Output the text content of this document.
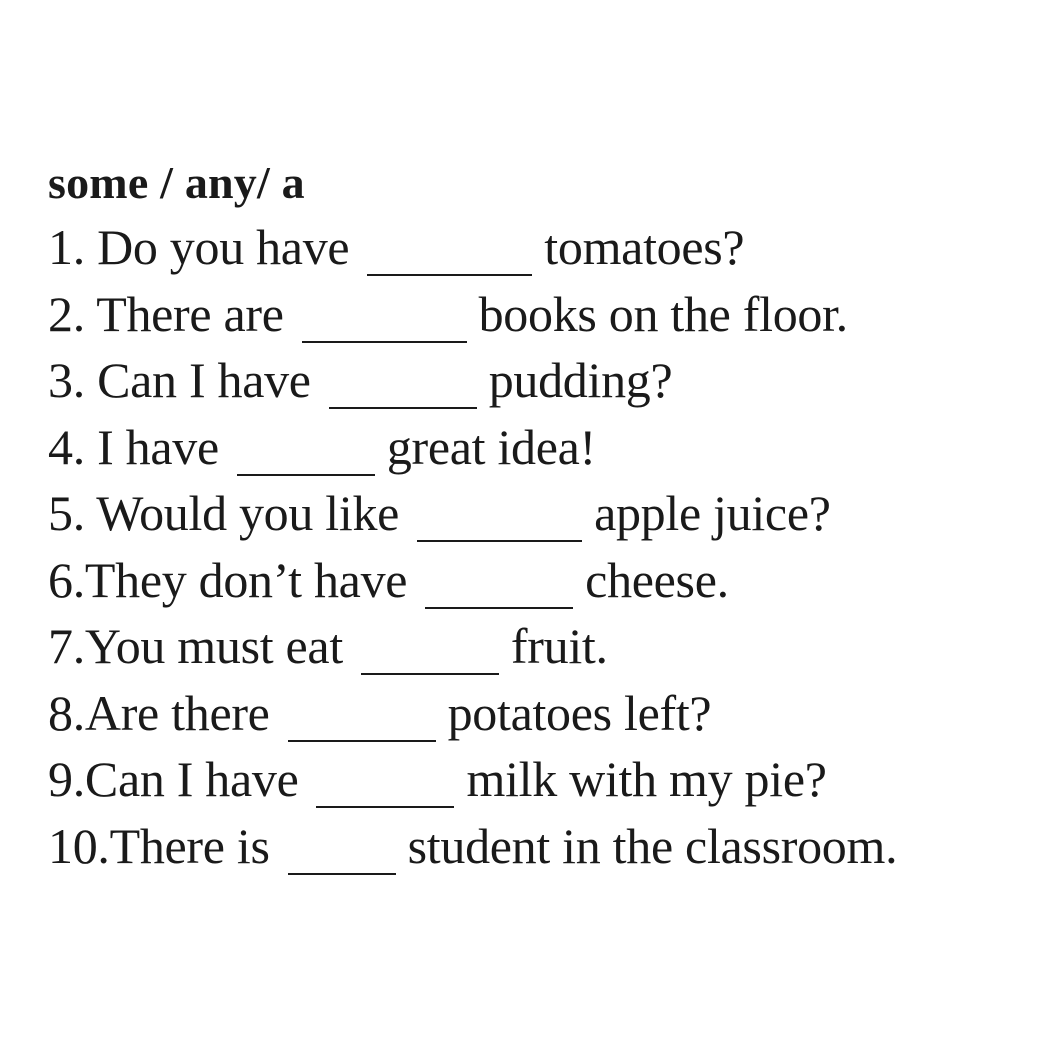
some / any/ a
1. Do you have	tomatoes?
2. There are	books on the floor.
3. Can I have	pudding?
4. I have	great idea!
5. Would you like	apple juice?
6.They don’t have	cheese.
7.You must eat	fruit.
8.Are there	potatoes left?
9.Can I have	milk with my pie?
10.There is	student in the classroom.
